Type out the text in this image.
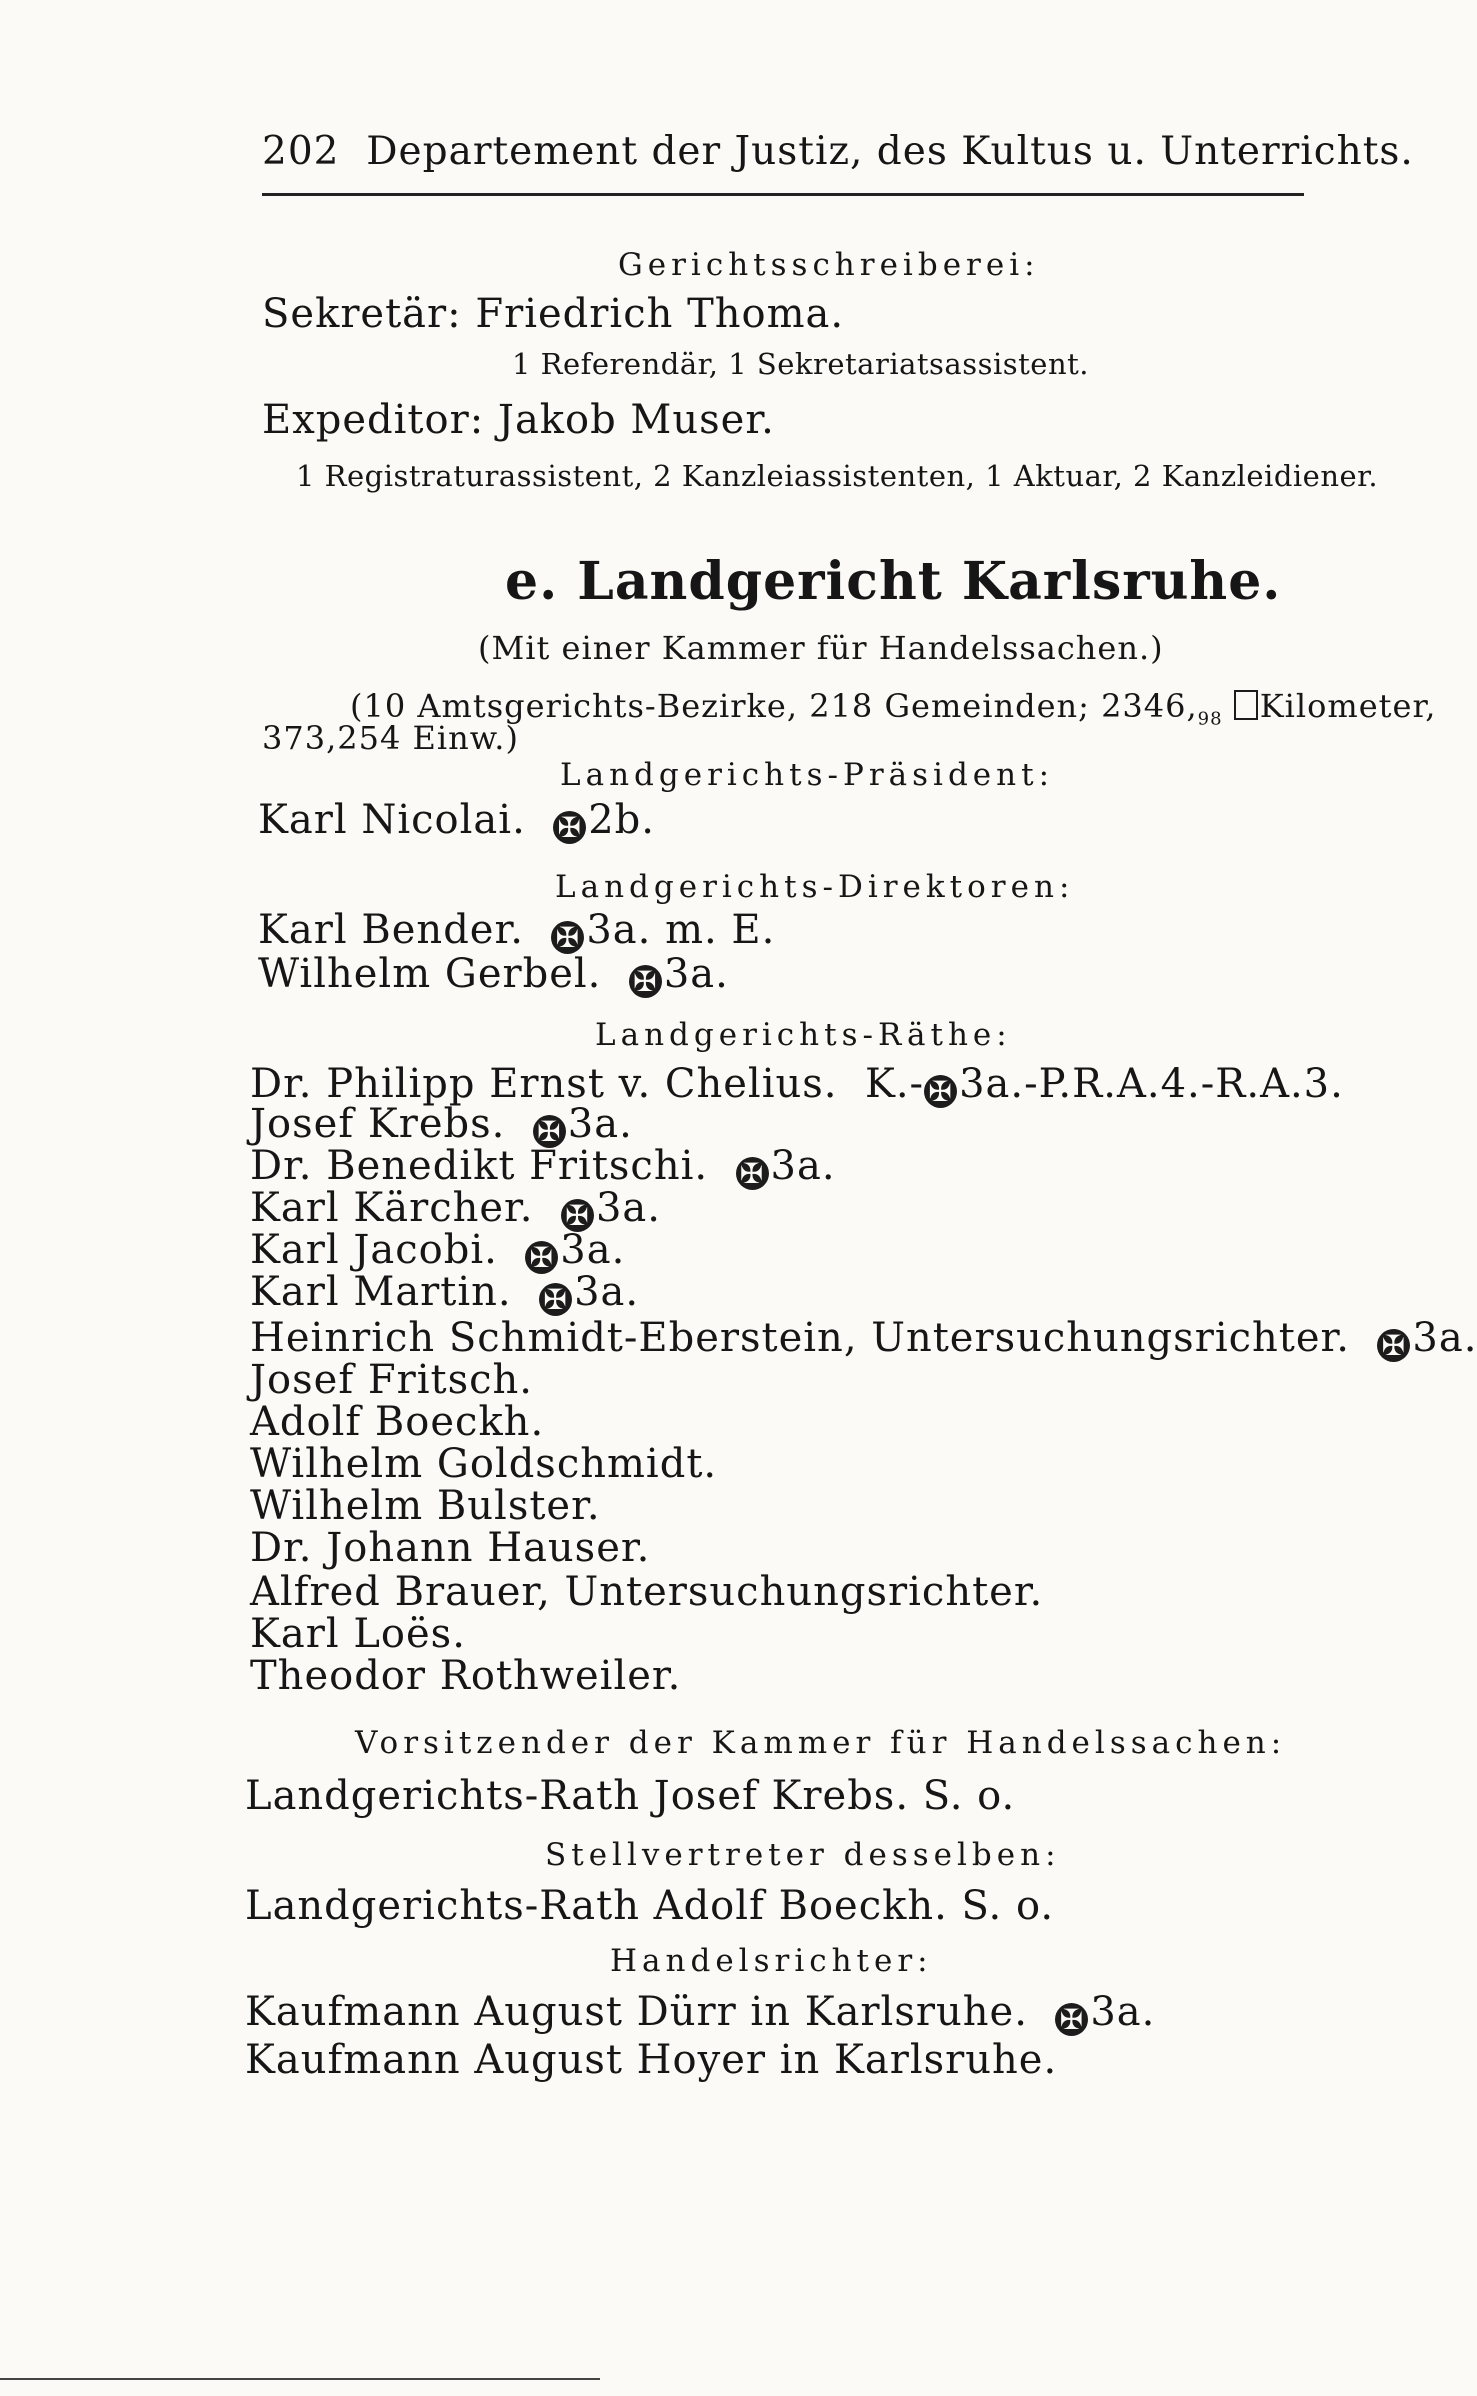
202 Departement der Justiz, des Kultus u. Unterrichts.
Gerichtsschreiberei:
Sekretär: Friedrich Thoma.
1 Referendär, 1 Sekretariatsassistent.
Expeditor: Jakob Muser.
1 Registraturassistent, 2 Kanzleiassistenten, 1 Aktuar, 2 Kanzleidiener.
e. Landgericht Karlsruhe.
(Mit einer Kammer für Handelssachen.)
(10 Amtsgerichts-Bezirke, 218 Gemeinden; $2346,_{98}$ Kilometer,
373,254 Einw.)
Landgerichts-Präsident:
Karl Nicolai. ✠ 2b.
Landgerichts-Direktoren:
Karl Bender. ✠ 3a. m. E.
Wilhelm Gerbel. ✠ 3a.
Landgerichts-Räthe:
Dr. Philipp Ernst v. Chelius. K.- ✠ 3a.-P.R.A.4.-R.A.3.
Josef Krebs. ✠ 3a.
Dr. Benedikt Fritschi. ✠ 3a.
Karl Kärcher. ✠ 3a.
Karl Jacobi. ✠ 3a.
Karl Martin. ✠ 3a.
Heinrich Schmidt-Eberstein, Untersuchungsrichter. ✠ 3a.
Josef Fritsch.
Adolf Boeckh.
Wilhelm Goldschmidt.
Wilhelm Bulster.
Dr. Johann Hauser.
Alfred Brauer, Untersuchungsrichter.
Karl Loës.
Theodor Rothweiler.
Vorsitzender der Kammer für Handelssachen:
Landgerichts-Rath Josef Krebs. S. o.
Stellvertreter desselben:
Landgerichts-Rath Adolf Boeckh. S. o.
Handelsrichter:
Kaufmann August Dürr in Karlsruhe. ✠ 3a.
Kaufmann August Hoyer in Karlsruhe.
